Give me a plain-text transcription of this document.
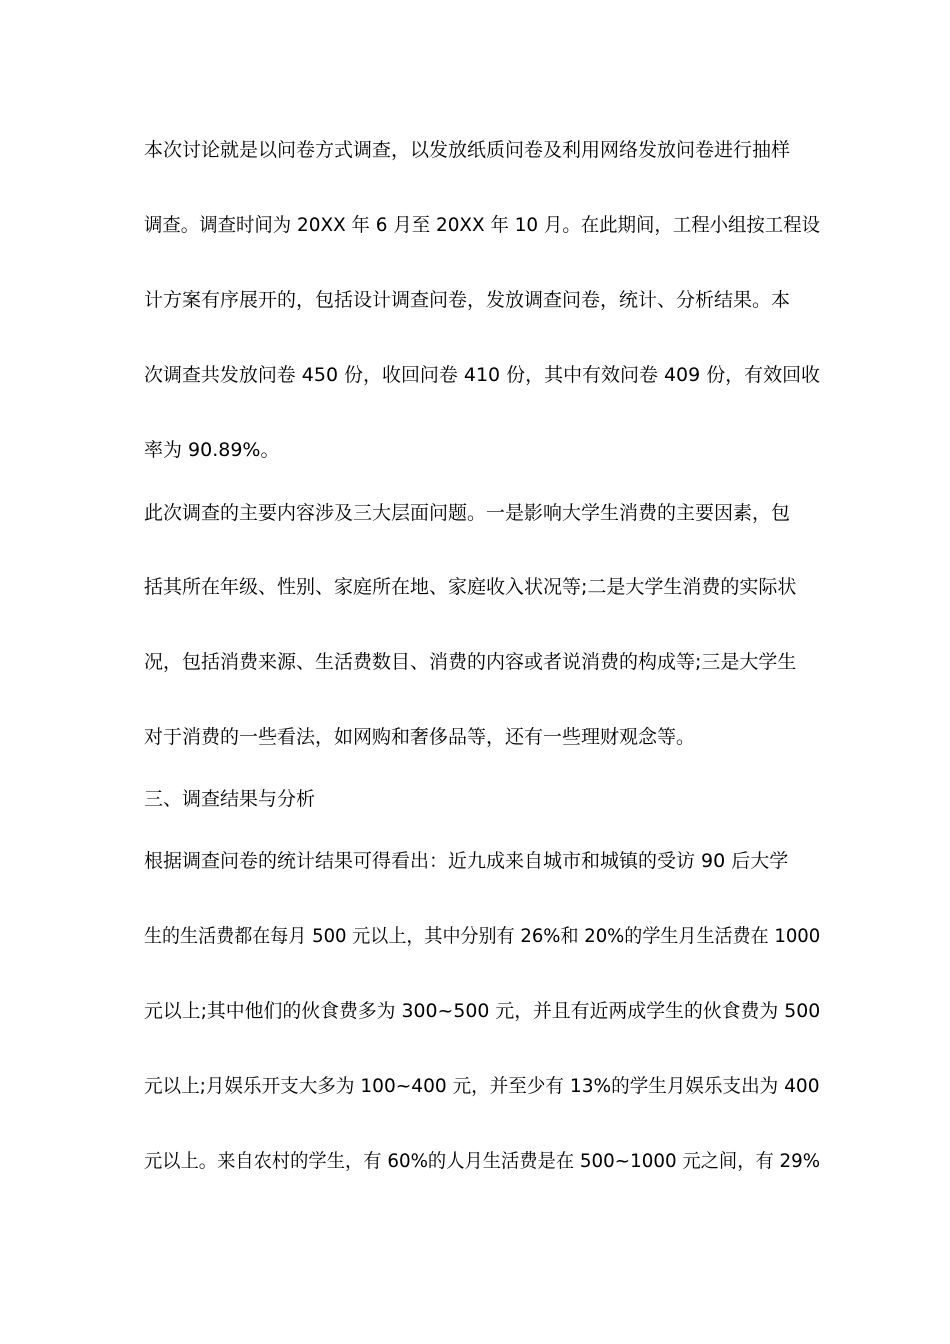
本次讨论就是以问卷方式调查，以发放纸质问卷及利用网络发放问卷进行抽样
调查。调查时间为 20XX 年 6 月至 20XX 年 10 月。在此期间，工程小组按工程设
计方案有序展开的，包括设计调查问卷，发放调查问卷，统计、分析结果。本
次调查共发放问卷 450 份，收回问卷 410 份，其中有效问卷 409 份，有效回收
率为 90.89%。
此次调查的主要内容涉及三大层面问题。一是影响大学生消费的主要因素，包
括其所在年级、性别、家庭所在地、家庭收入状况等;二是大学生消费的实际状
况，包括消费来源、生活费数目、消费的内容或者说消费的构成等;三是大学生
对于消费的一些看法，如网购和奢侈品等，还有一些理财观念等。
三、调查结果与分析
根据调查问卷的统计结果可得看出：近九成来自城市和城镇的受访 90 后大学
生的生活费都在每月 500 元以上，其中分别有 26%和 20%的学生月生活费在 1000
元以上;其中他们的伙食费多为 300~500 元，并且有近两成学生的伙食费为 500
元以上;月娱乐开支大多为 100~400 元，并至少有 13%的学生月娱乐支出为 400
元以上。来自农村的学生，有 60%的人月生活费是在 500~1000 元之间，有 29%
